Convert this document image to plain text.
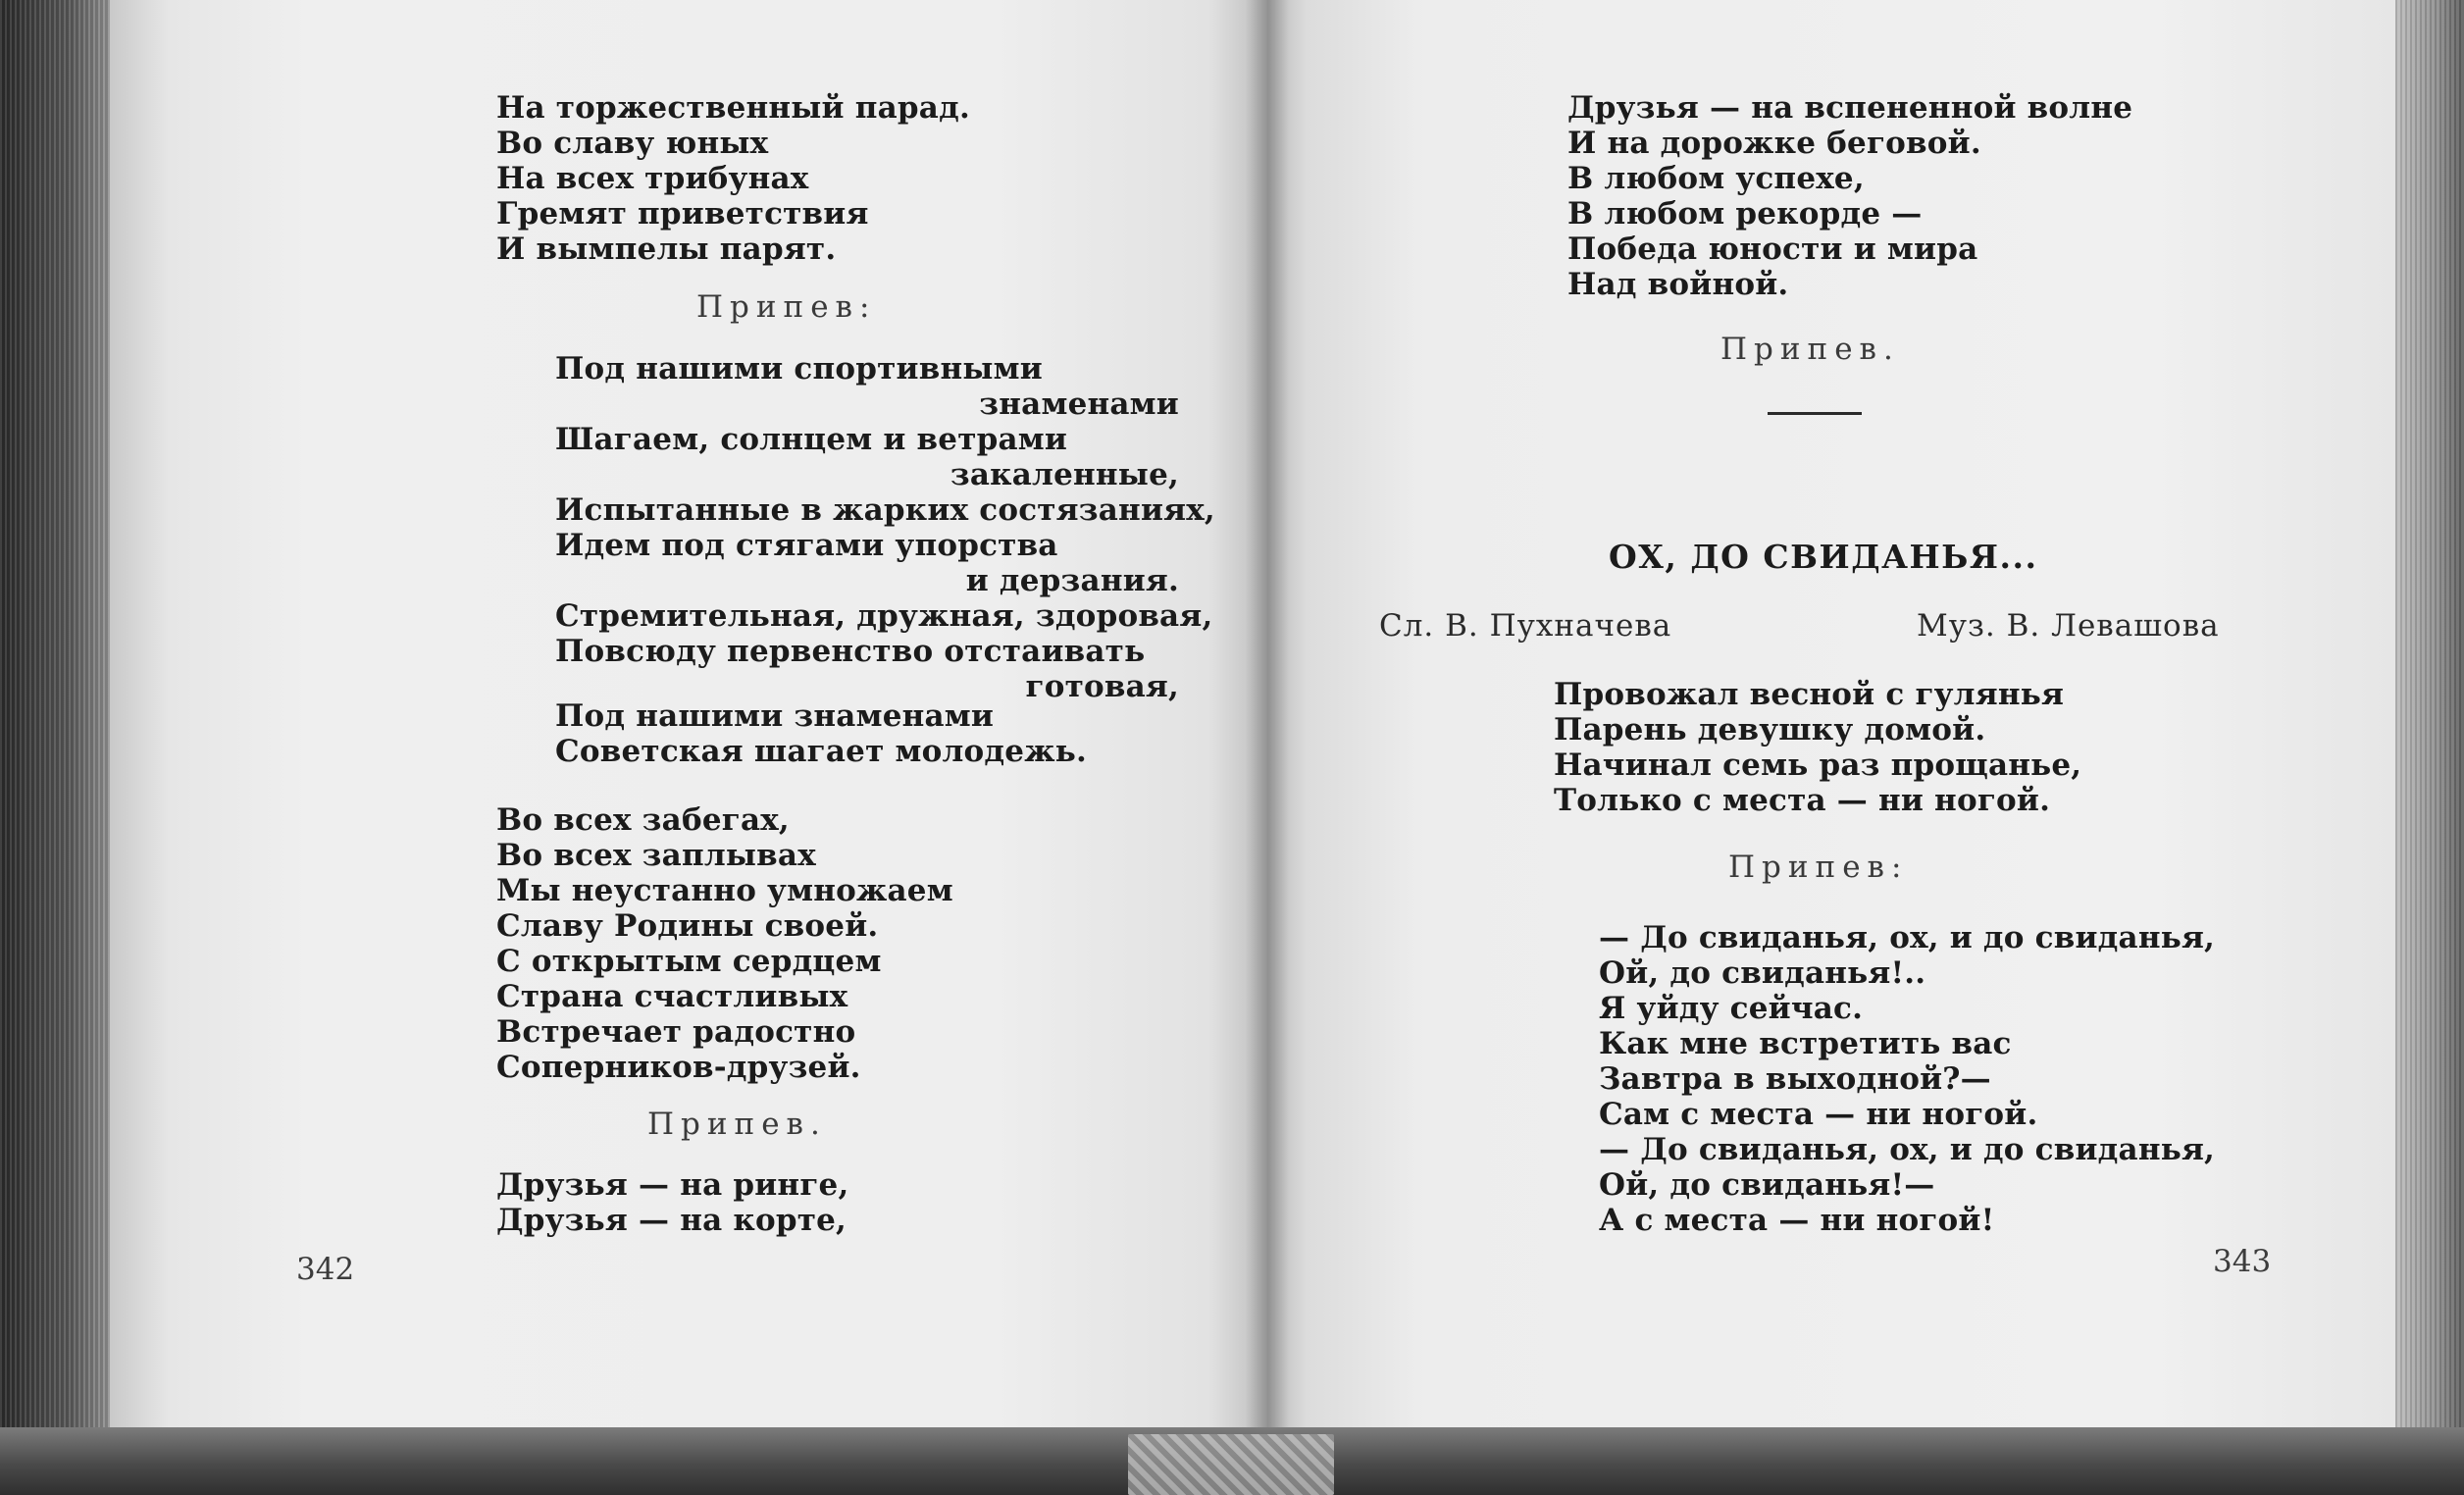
На торжественный парад.
Во славу юных
На всех трибунах
Гремят приветствия
И вымпелы парят.
Припев:
Под нашими спортивными
знаменами
Шагаем, солнцем и ветрами
закаленные,
Испытанные в жарких состязаниях,
Идем под стягами упорства
и дерзания.
Стремительная, дружная, здоровая,
Повсюду первенство отстаивать
готовая,
Под нашими знаменами
Советская шагает молодежь.
Во всех забегах,
Во всех заплывах
Мы неустанно умножаем
Славу Родины своей.
С открытым сердцем
Страна счастливых
Встречает радостно
Соперников-друзей.
Припев.
Друзья — на ринге,
Друзья — на корте,
342
Друзья — на вспененной волне
И на дорожке беговой.
В любом успехе,
В любом рекорде —
Победа юности и мира
Над войной.
Припев.
ОХ, ДО СВИДАНЬЯ...
Сл. В. Пухначева	Муз. В. Левашова
Провожал весной с гулянья
Парень девушку домой.
Начинал семь раз прощанье,
Только с места — ни ногой.
Припев:
— До свиданья, ох, и до свиданья,
Ой, до свиданья!..
Я уйду сейчас.
Как мне встретить вас
Завтра в выходной?—
Сам с места — ни ногой.
— До свиданья, ох, и до свиданья,
Ой, до свиданья!—
А с места — ни ногой!
343
